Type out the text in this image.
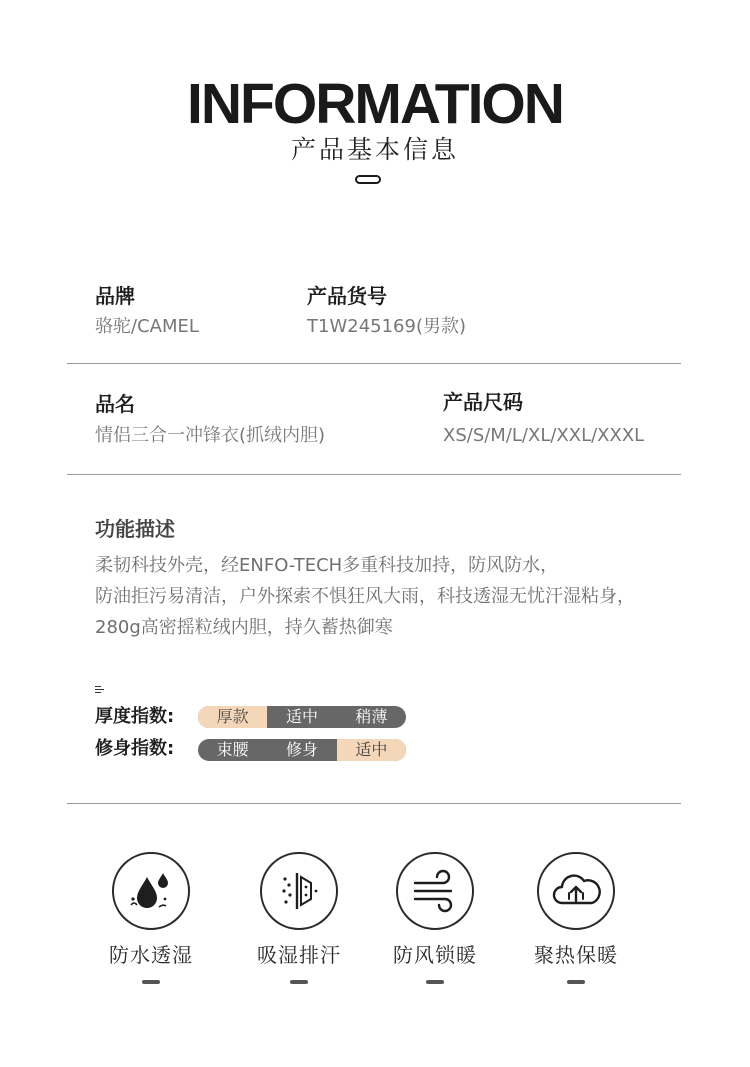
INFORMATION
产品基本信息
品牌
骆驼/CAMEL
产品货号
T1W245169(男款)
品名
情侣三合一冲锋衣(抓绒内胆)
产品尺码
XS/S/M/L/XL/XXL/XXXL
功能描述
柔韧科技外壳，经ENFO-TECH多重科技加持，防风防水，
防油拒污易清洁，户外探索不惧狂风大雨，科技透湿无忧汗湿粘身，
280g高密摇粒绒内胆，持久蓄热御寒
厚度指数:	厚款	适中	稍薄
修身指数:	束腰	修身	适中
防水透湿	吸湿排汗	防风锁暖	聚热保暖
